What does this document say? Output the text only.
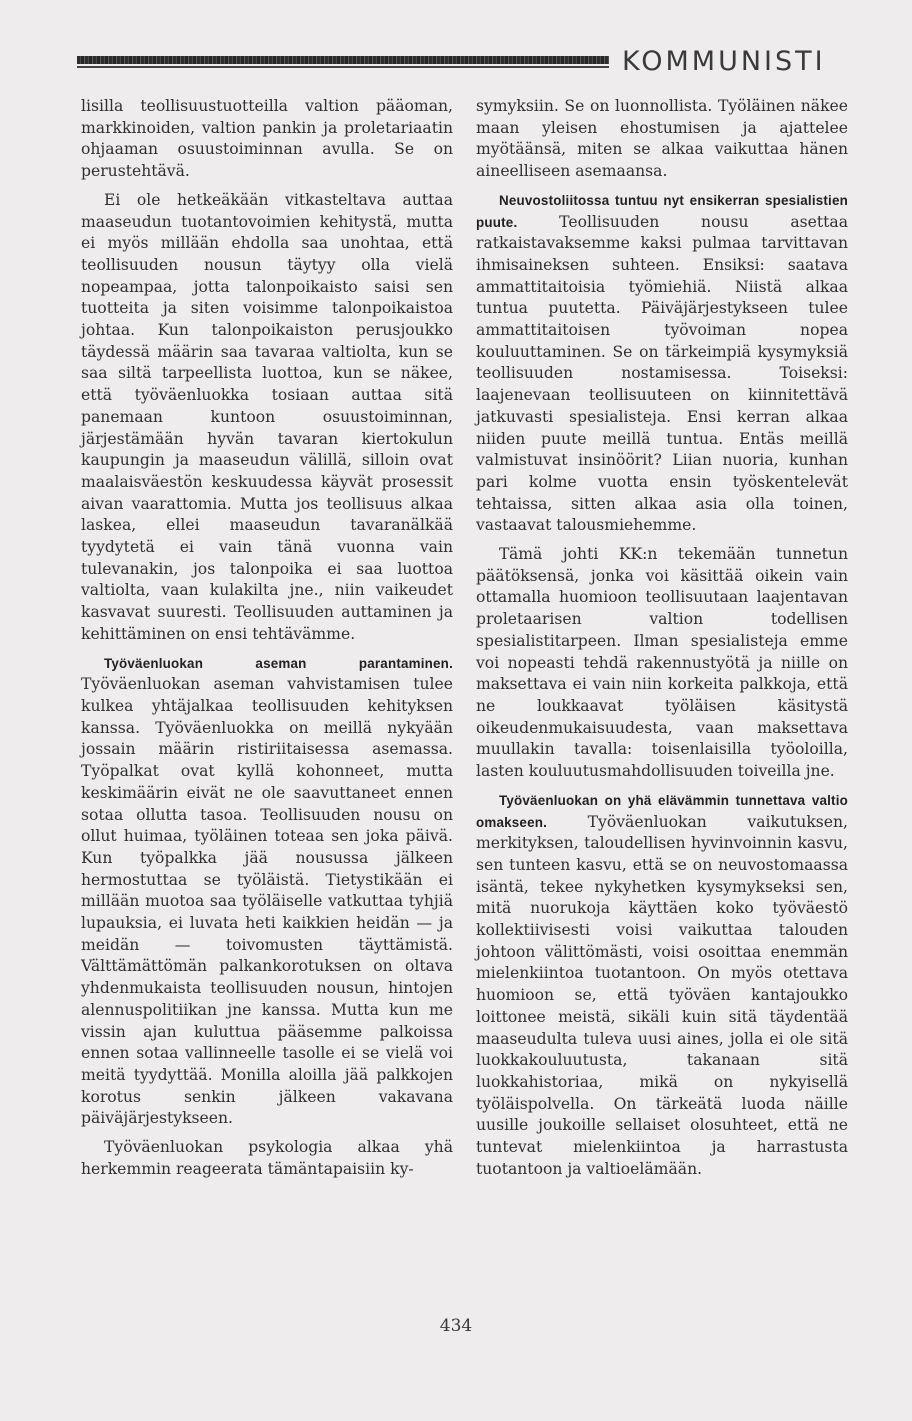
KOMMUNISTI

lisilla teollisuustuotteilla valtion pääoman, markkinoiden, valtion pankin ja proletariaatin ohjaaman osuustoiminnan avulla. Se on perustehtävä.

Ei ole hetkeäkään vitkasteltava auttaa maaseudun tuotantovoimien kehitystä, mutta ei myös millään ehdolla saa unohtaa, että teollisuuden nousun täytyy olla vielä nopeampaa, jotta talonpoikaisto saisi sen tuotteita ja siten voisimme talonpoikaistoa johtaa. Kun talonpoikaiston perusjoukko täydessä määrin saa tavaraa valtiolta, kun se saa siltä tarpeellista luottoa, kun se näkee, että työväenluokka tosiaan auttaa sitä panemaan kuntoon osuustoiminnan, järjestämään hyvän tavaran kiertokulun kaupungin ja maaseudun välillä, silloin ovat maalaisväestön keskuudessa käyvät prosessit aivan vaarattomia. Mutta jos teollisuus alkaa laskea, ellei maaseudun tavaranälkää tyydytetä ei vain tänä vuonna vain tulevanakin, jos talonpoika ei saa luottoa valtiolta, vaan kulakilta jne., niin vaikeudet kasvavat suuresti. Teollisuuden auttaminen ja kehittäminen on ensi tehtävämme.

Työväenluokan aseman parantaminen. Työväenluokan aseman vahvistamisen tulee kulkea yhtäjalkaa teollisuuden kehityksen kanssa. Työväenluokka on meillä nykyään jossain määrin ristiriitaisessa asemassa. Työpalkat ovat kyllä kohonneet, mutta keskimäärin eivät ne ole saavuttaneet ennen sotaa ollutta tasoa. Teollisuuden nousu on ollut huimaa, työläinen toteaa sen joka päivä. Kun työpalkka jää nousussa jälkeen hermostuttaa se työläistä. Tietystikään ei millään muotoa saa työläiselle vatkuttaa tyhjiä lupauksia, ei luvata heti kaikkien heidän — ja meidän — toivomusten täyttämistä. Välttämättömän palkankorotuksen on oltava yhdenmukaista teollisuuden nousun, hintojen alennuspolitiikan jne kanssa. Mutta kun me vissin ajan kuluttua pääsemme palkoissa ennen sotaa vallinneelle tasolle ei se vielä voi meitä tyydyttää. Monilla aloilla jää palkkojen korotus senkin jälkeen vakavana päiväjärjestykseen.

Työväenluokan psykologia alkaa yhä herkemmin reageerata tämäntapaisiin ky-

symyksiin. Se on luonnollista. Työläinen näkee maan yleisen ehostumisen ja ajattelee myötäänsä, miten se alkaa vaikuttaa hänen aineelliseen asemaansa.

Neuvostoliitossa tuntuu nyt ensikerran spesialistien puute.	Teollisuuden nousu asettaa ratkaistavaksemme kaksi pulmaa tarvittavan ihmisaineksen suhteen. Ensiksi: saatava ammattitaitoisia työmiehiä. Niistä alkaa tuntua puutetta. Päiväjärjestykseen tulee ammattitaitoisen työvoiman nopea kouluuttaminen. Se on tärkeimpiä kysymyksiä teollisuuden nostamisessa. Toiseksi: laajenevaan teollisuuteen on kiinnitettävä jatkuvasti spesialisteja. Ensi kerran alkaa niiden puute meillä tuntua. Entäs meillä valmistuvat insinöörit? Liian nuoria, kunhan pari kolme vuotta ensin työskentelevät tehtaissa, sitten alkaa asia olla toinen, vastaavat talousmiehemme.

Tämä johti KK:n tekemään tunnetun päätöksensä, jonka voi käsittää oikein vain ottamalla huomioon teollisuutaan laajentavan proletaarisen valtion todellisen spesialistitarpeen. Ilman spesialisteja emme voi nopeasti tehdä rakennustyötä ja niille on maksettava ei vain niin korkeita palkkoja, että ne loukkaavat työläisen käsitystä oikeudenmukaisuudesta, vaan maksettava muullakin tavalla: toisenlaisilla työoloilla, lasten kouluutusmahdollisuuden toiveilla jne.

Työväenluokan on yhä elävämmin tunnettava valtio omakseen.	Työväenluokan vaikutuksen, merkityksen, taloudellisen hyvinvoinnin kasvu, sen tunteen kasvu, että se on neuvostomaassa isäntä, tekee nykyhetken kysymykseksi sen, mitä nuorukoja käyttäen koko työväestö kollektiivisesti voisi vaikuttaa talouden johtoon välittömästi, voisi osoittaa enemmän mielenkiintoa tuotantoon. On myös otettava huomioon se, että työväen kantajoukko loittonee meistä, sikäli kuin sitä täydentää maaseudulta tuleva uusi aines, jolla ei ole sitä luokkakouluutusta, takanaan sitä luokkahistoriaa, mikä on nykyisellä työläispolvella. On tärkeätä luoda näille uusille joukoille sellaiset olosuhteet, että ne tuntevat mielenkiintoa ja harrastusta tuotantoon ja valtioelämään.

434
